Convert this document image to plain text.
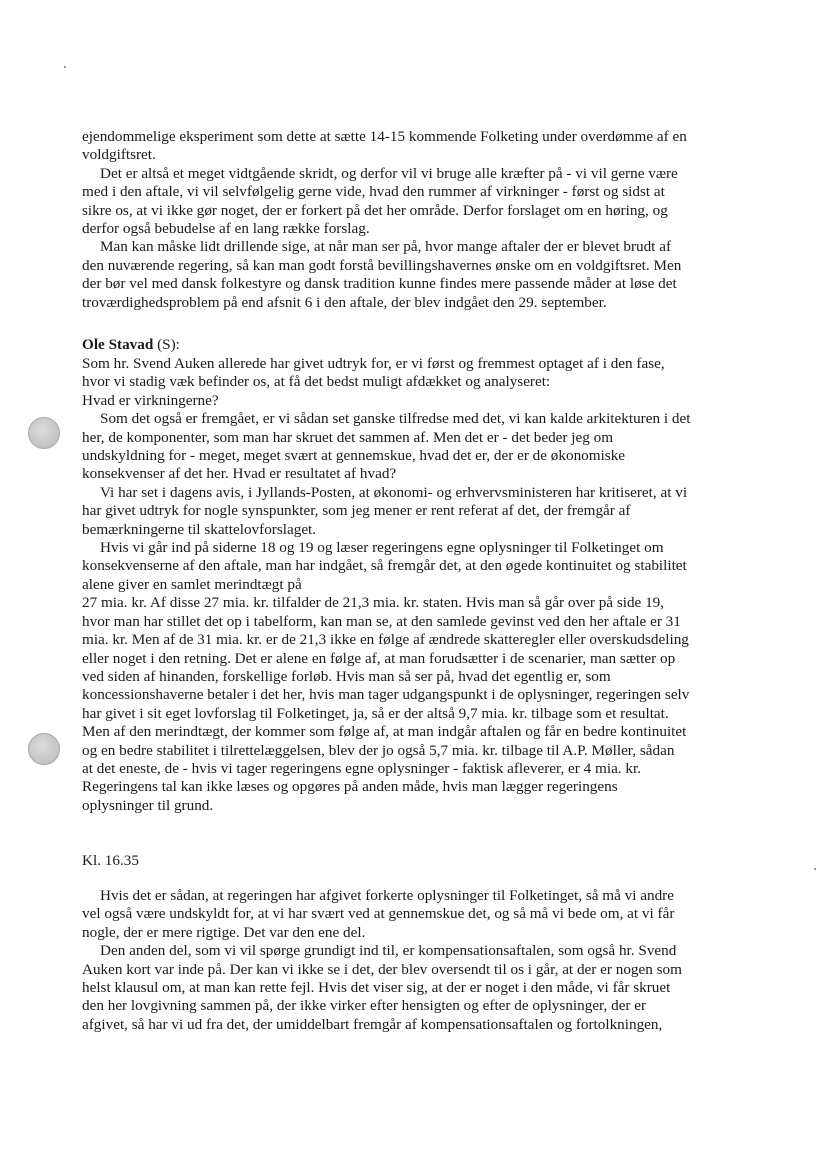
ejendommelige eksperiment som dette at sætte 14-15 kommende Folketing under overdømme af en
voldgiftsret.
Det er altså et meget vidtgående skridt, og derfor vil vi bruge alle kræfter på - vi vil gerne være
med i den aftale, vi vil selvfølgelig gerne vide, hvad den rummer af virkninger - først og sidst at
sikre os, at vi ikke gør noget, der er forkert på det her område. Derfor forslaget om en høring, og
derfor også bebudelse af en lang række forslag.
Man kan måske lidt drillende sige, at når man ser på, hvor mange aftaler der er blevet brudt af
den nuværende regering, så kan man godt forstå bevillingshavernes ønske om en voldgiftsret. Men
der bør vel med dansk folkestyre og dansk tradition kunne findes mere passende måder at løse det
troværdighedsproblem på end afsnit 6 i den aftale, der blev indgået den 29. september.
Ole Stavad (S):
Som hr. Svend Auken allerede har givet udtryk for, er vi først og fremmest optaget af i den fase,
hvor vi stadig væk befinder os, at få det bedst muligt afdækket og analyseret:
Hvad er virkningerne?
Som det også er fremgået, er vi sådan set ganske tilfredse med det, vi kan kalde arkitekturen i det
her, de komponenter, som man har skruet det sammen af. Men det er - det beder jeg om
undskyldning for - meget, meget svært at gennemskue, hvad det er, der er de økonomiske
konsekvenser af det her. Hvad er resultatet af hvad?
Vi har set i dagens avis, i Jyllands-Posten, at økonomi- og erhvervsministeren har kritiseret, at vi
har givet udtryk for nogle synspunkter, som jeg mener er rent referat af det, der fremgår af
bemærkningerne til skattelovforslaget.
Hvis vi går ind på siderne 18 og 19 og læser regeringens egne oplysninger til Folketinget om
konsekvenserne af den aftale, man har indgået, så fremgår det, at den øgede kontinuitet og stabilitet
alene giver en samlet merindtægt på
27 mia. kr. Af disse 27 mia. kr. tilfalder de 21,3 mia. kr. staten. Hvis man så går over på side 19,
hvor man har stillet det op i tabelform, kan man se, at den samlede gevinst ved den her aftale er 31
mia. kr. Men af de 31 mia. kr. er de 21,3 ikke en følge af ændrede skatteregler eller overskudsdeling
eller noget i den retning. Det er alene en følge af, at man forudsætter i de scenarier, man sætter op
ved siden af hinanden, forskellige forløb. Hvis man så ser på, hvad det egentlig er, som
koncessionshaverne betaler i det her, hvis man tager udgangspunkt i de oplysninger, regeringen selv
har givet i sit eget lovforslag til Folketinget, ja, så er der altså 9,7 mia. kr. tilbage som et resultat.
Men af den merindtægt, der kommer som følge af, at man indgår aftalen og får en bedre kontinuitet
og en bedre stabilitet i tilrettelæggelsen, blev der jo også 5,7 mia. kr. tilbage til A.P. Møller, sådan
at det eneste, de - hvis vi tager regeringens egne oplysninger - faktisk afleverer, er 4 mia. kr.
Regeringens tal kan ikke læses og opgøres på anden måde, hvis man lægger regeringens
oplysninger til grund.
Kl. 16.35
Hvis det er sådan, at regeringen har afgivet forkerte oplysninger til Folketinget, så må vi andre
vel også være undskyldt for, at vi har svært ved at gennemskue det, og så må vi bede om, at vi får
nogle, der er mere rigtige. Det var den ene del.
Den anden del, som vi vil spørge grundigt ind til, er kompensationsaftalen, som også hr. Svend
Auken kort var inde på. Der kan vi ikke se i det, der blev oversendt til os i går, at der er nogen som
helst klausul om, at man kan rette fejl. Hvis det viser sig, at der er noget i den måde, vi får skruet
den her lovgivning sammen på, der ikke virker efter hensigten og efter de oplysninger, der er
afgivet, så har vi ud fra det, der umiddelbart fremgår af kompensationsaftalen og fortolkningen,
